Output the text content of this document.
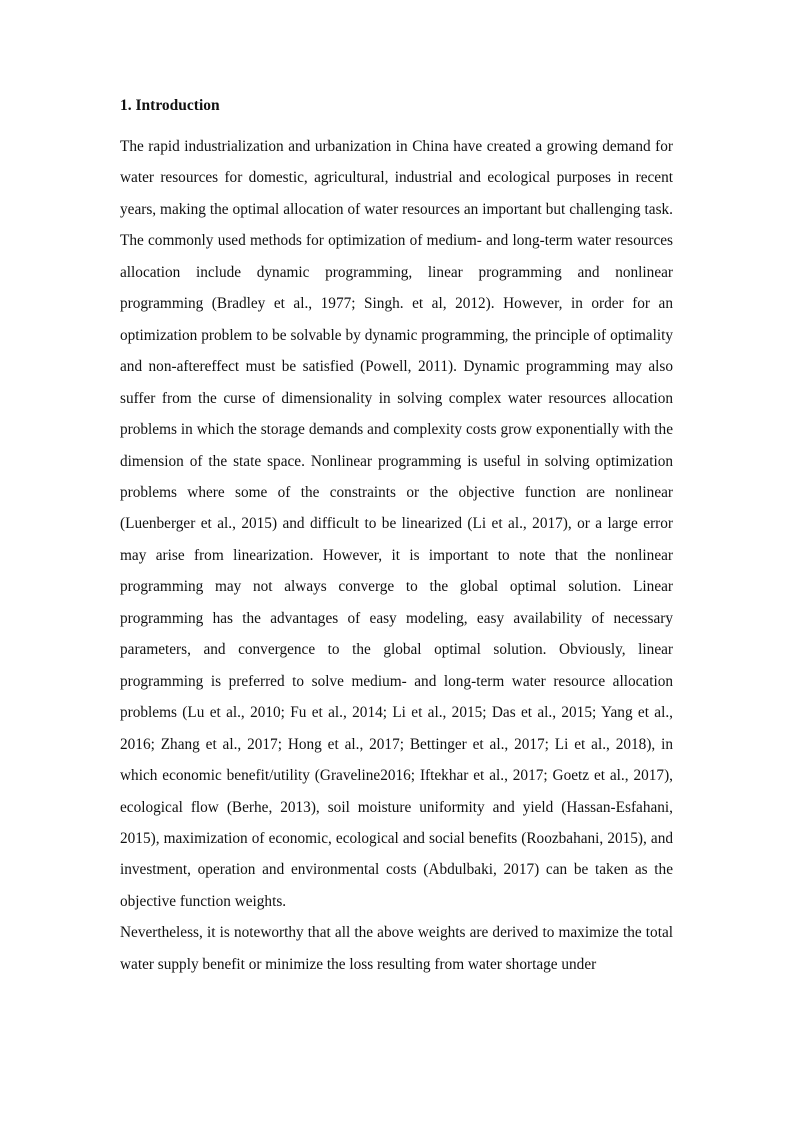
1. Introduction

The rapid industrialization and urbanization in China have created a growing demand for water resources for domestic, agricultural, industrial and ecological purposes in recent years, making the optimal allocation of water resources an important but challenging task. The commonly used methods for optimization of medium- and long-term water resources allocation include dynamic programming, linear programming and nonlinear programming (Bradley et al., 1977; Singh. et al, 2012). However, in order for an optimization problem to be solvable by dynamic programming, the principle of optimality and non-aftereffect must be satisfied (Powell, 2011). Dynamic programming may also suffer from the curse of dimensionality in solving complex water resources allocation problems in which the storage demands and complexity costs grow exponentially with the dimension of the state space. Nonlinear programming is useful in solving optimization problems where some of the constraints or the objective function are nonlinear (Luenberger et al., 2015) and difficult to be linearized (Li et al., 2017), or a large error may arise from linearization. However, it is important to note that the nonlinear programming may not always converge to the global optimal solution. Linear programming has the advantages of easy modeling, easy availability of necessary parameters, and convergence to the global optimal solution. Obviously, linear programming is preferred to solve medium- and long-term water resource allocation problems (Lu et al., 2010; Fu et al., 2014; Li et al., 2015; Das et al., 2015; Yang et al., 2016; Zhang et al., 2017; Hong et al., 2017; Bettinger et al., 2017; Li et al., 2018), in which economic benefit/utility (Graveline2016; Iftekhar et al., 2017; Goetz et al., 2017), ecological flow (Berhe, 2013), soil moisture uniformity and yield (Hassan-Esfahani, 2015), maximization of economic, ecological and social benefits (Roozbahani, 2015), and investment, operation and environmental costs (Abdulbaki, 2017) can be taken as the objective function weights.

Nevertheless, it is noteworthy that all the above weights are derived to maximize the total water supply benefit or minimize the loss resulting from water shortage under
